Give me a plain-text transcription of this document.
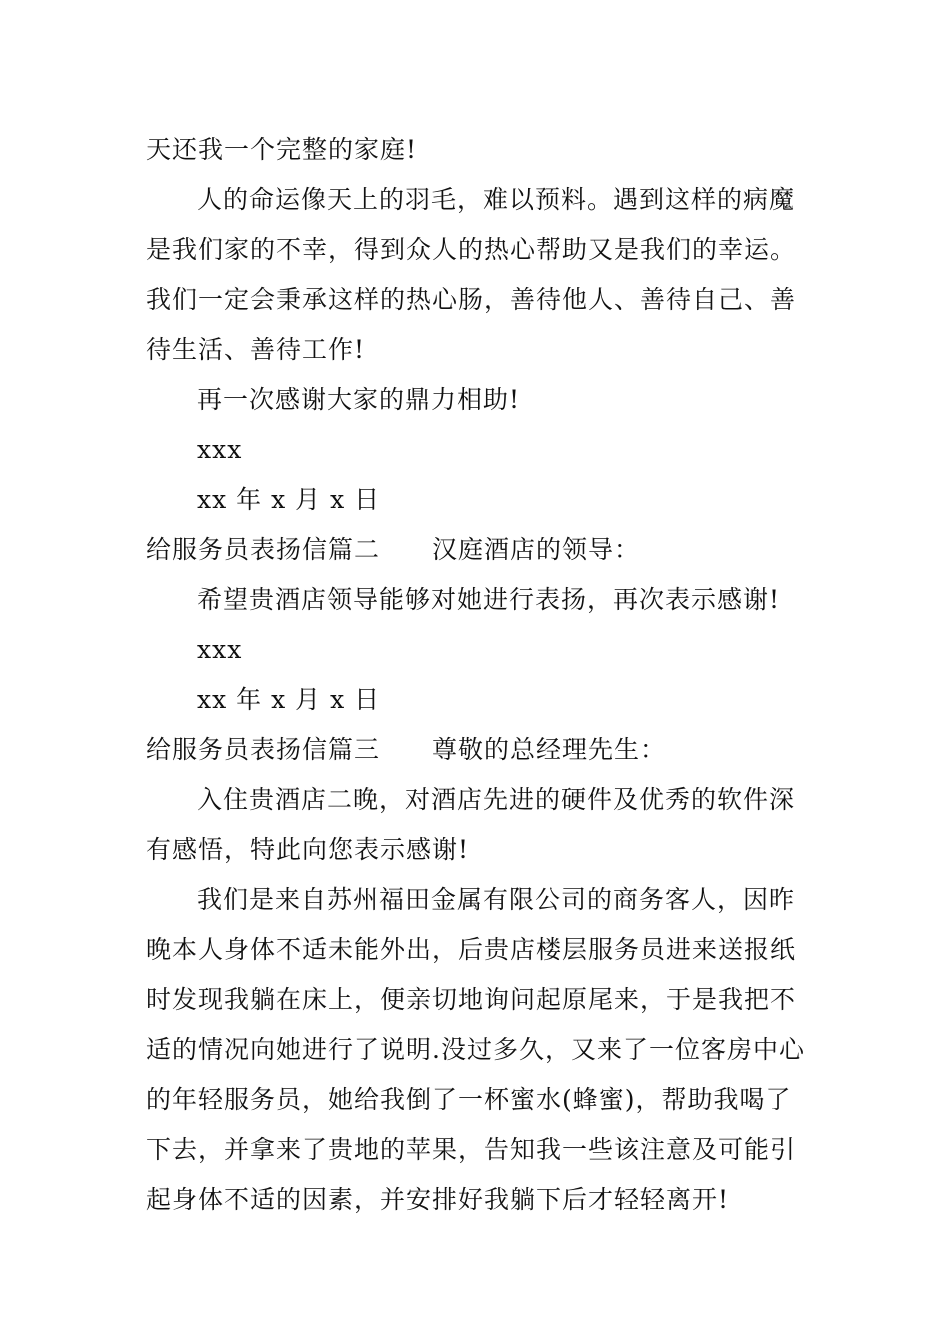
天还我一个完整的家庭!
人的命运像天上的羽毛，难以预料。遇到这样的病魔
是我们家的不幸，得到众人的热心帮助又是我们的幸运。
我们一定会秉承这样的热心肠，善待他人、善待自己、善
待生活、善待工作!
再一次感谢大家的鼎力相助!
xxx
xx 年 x 月 x 日
给服务员表扬信篇二 汉庭酒店的领导：
希望贵酒店领导能够对她进行表扬，再次表示感谢!
xxx
xx 年 x 月 x 日
给服务员表扬信篇三 尊敬的总经理先生：
入住贵酒店二晚，对酒店先进的硬件及优秀的软件深
有感悟，特此向您表示感谢!
我们是来自苏州福田金属有限公司的商务客人，因昨
晚本人身体不适未能外出，后贵店楼层服务员进来送报纸
时发现我躺在床上，便亲切地询问起原尾来，于是我把不
适的情况向她进行了说明.没过多久，又来了一位客房中心
的年轻服务员，她给我倒了一杯蜜水(蜂蜜)，帮助我喝了
下去，并拿来了贵地的苹果，告知我一些该注意及可能引
起身体不适的因素，并安排好我躺下后才轻轻离开!
